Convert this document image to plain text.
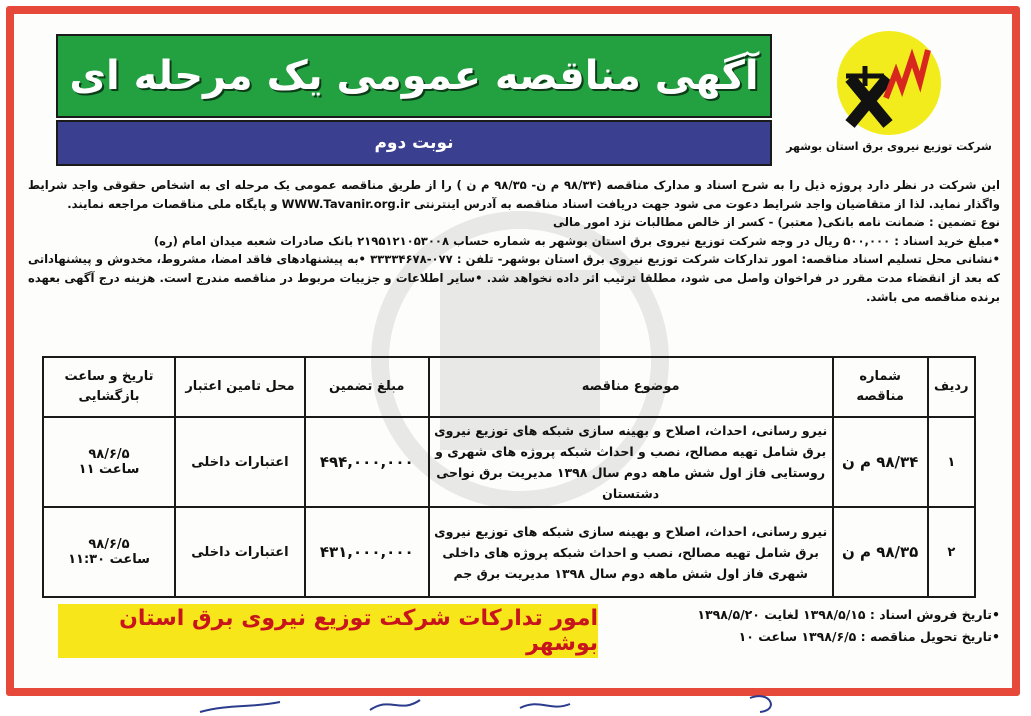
آگهی مناقصه عمومی یک مرحله ای
نوبت دوم	شرکت توزیع نیروی برق استان بوشهر

این شرکت در نظر دارد پروژه ذیل را به شرح اسناد و مدارک مناقصه (۹۸/۳۴ م ن- ۹۸/۳۵ م ن ) را از طریق مناقصه عمومی یک مرحله ای به اشخاص حقوقی واجد شرایط واگذار نماید. لذا از متقاضیان واجد شرایط دعوت می شود جهت دریافت اسناد مناقصه به آدرس اینترنتی WWW.Tavanir.org.ir و پایگاه ملی مناقصات مراجعه نمایند.

نوع تضمین : ضمانت نامه بانکی( معتبر) - کسر از خالص مطالبات نزد امور مالی

•مبلغ خرید اسناد : ۵۰۰,۰۰۰ ریال در وجه شرکت توزیع نیروی برق استان بوشهر به شماره حساب ۲۱۹۵۱۲۱۰۵۳۰۰۸ بانک صادرات شعبه میدان امام (ره)

•نشانی محل تسلیم اسناد مناقصه: امور تدارکات شرکت توزیع نیروی برق استان بوشهر- تلفن : ۰۷۷-۳۳۳۳۴۶۷۸ •به پیشنهادهای فاقد امضا، مشروط، مخدوش و پیشنهاداتی که بعد از انقضاء مدت مقرر در فراخوان واصل می شود، مطلقا ترتیب اثر داده نخواهد شد. •سایر اطلاعات و جزییات مربوط در مناقصه مندرج است. هزینه درج آگهی بعهده برنده مناقصه می باشد.

ردیف	شماره مناقصه	موضوع مناقصه	مبلغ تضمین	محل تامین اعتبار	تاریخ و ساعت بازگشایی
۱	۹۸/۳۴ م ن	نیرو رسانی، احداث، اصلاح و بهینه سازی شبکه های توزیع نیروی برق شامل تهیه مصالح، نصب و احداث شبکه پروژه های شهری و روستایی فاز اول شش ماهه دوم سال ۱۳۹۸ مدیریت برق نواحی دشتستان	۴۹۴,۰۰۰,۰۰۰	اعتبارات داخلی	۹۸/۶/۵
ساعت ۱۱

۲	۹۸/۳۵ م ن	نیرو رسانی، احداث، اصلاح و بهینه سازی شبکه های توزیع نیروی برق شامل تهیه مصالح، نصب و احداث شبکه پروژه های داخلی شهری فاز اول شش ماهه دوم سال ۱۳۹۸ مدیریت برق جم	۴۳۱,۰۰۰,۰۰۰	اعتبارات داخلی	۹۸/۶/۵
ساعت ۱۱:۳۰
امور تدارکات شرکت توزیع نیروی برق استان بوشهر
•تاریخ فروش اسناد : ۱۳۹۸/۵/۱۵ لغایت ۱۳۹۸/۵/۲۰
•تاریخ تحویل مناقصه : ۱۳۹۸/۶/۵ ساعت ۱۰
